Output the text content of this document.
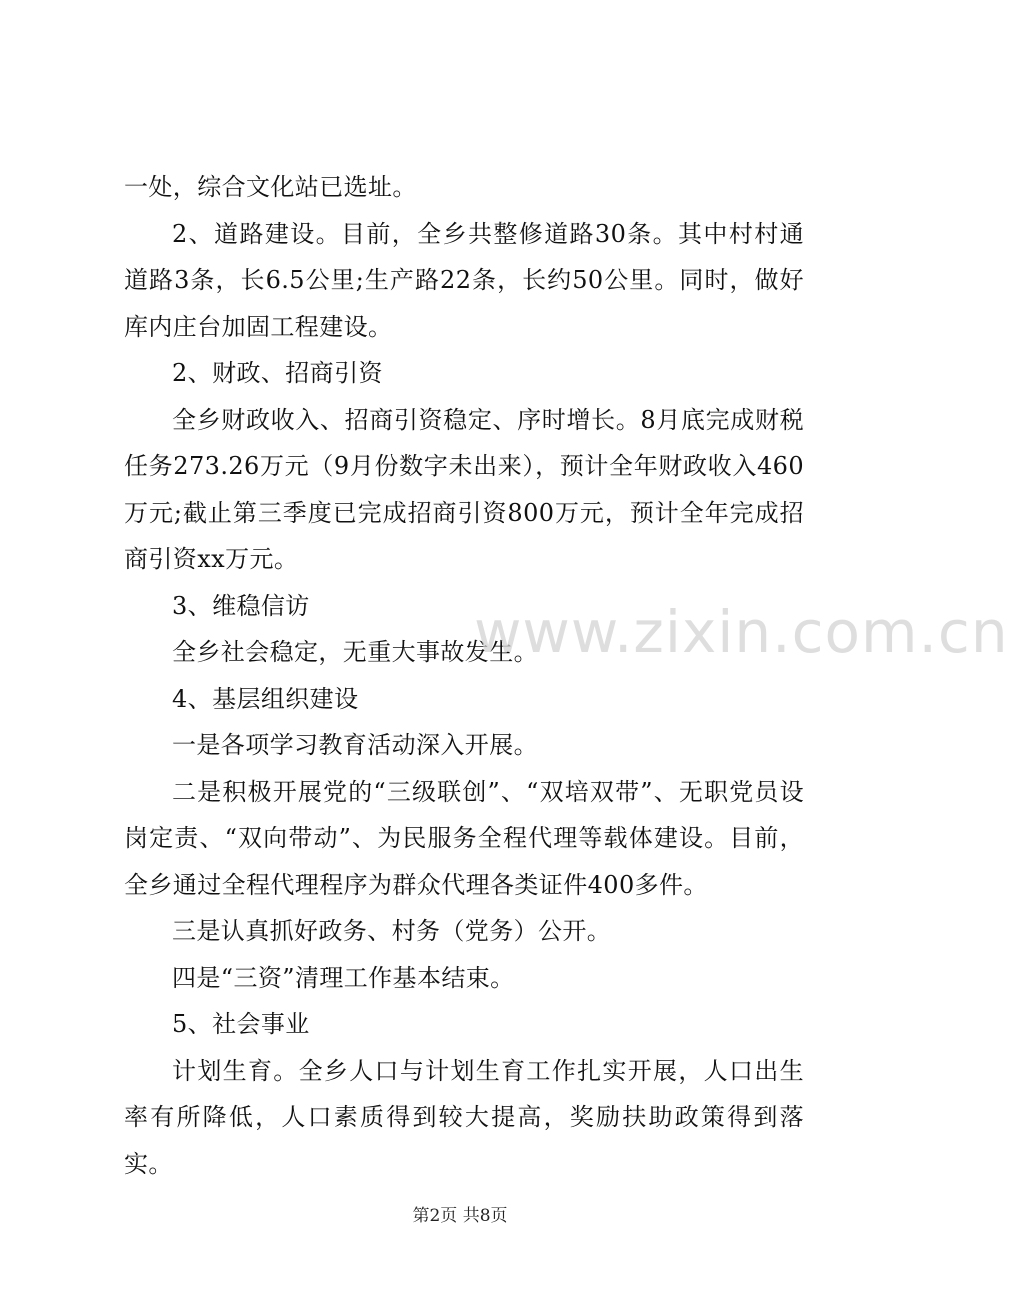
一处，综合文化站已选址。

2、道路建设。目前，全乡共整修道路30条。其中村村通道路3条，长6.5公里;生产路22条，长约50公里。同时，做好库内庄台加固工程建设。

2、财政、招商引资

全乡财政收入、招商引资稳定、序时增长。8月底完成财税任务273.26万元（9月份数字未出来），预计全年财政收入460万元;截止第三季度已完成招商引资800万元，预计全年完成招商引资xx万元。

3、维稳信访

全乡社会稳定，无重大事故发生。

4、基层组织建设

一是各项学习教育活动深入开展。

二是积极开展党的“三级联创”、“双培双带”、无职党员设岗定责、“双向带动”、为民服务全程代理等载体建设。目前，全乡通过全程代理程序为群众代理各类证件400多件。

三是认真抓好政务、村务（党务）公开。

四是“三资”清理工作基本结束。

5、社会事业

计划生育。全乡人口与计划生育工作扎实开展，人口出生率有所降低，人口素质得到较大提高，奖励扶助政策得到落实。

www.zixin.com.cn
第2页 共8页
